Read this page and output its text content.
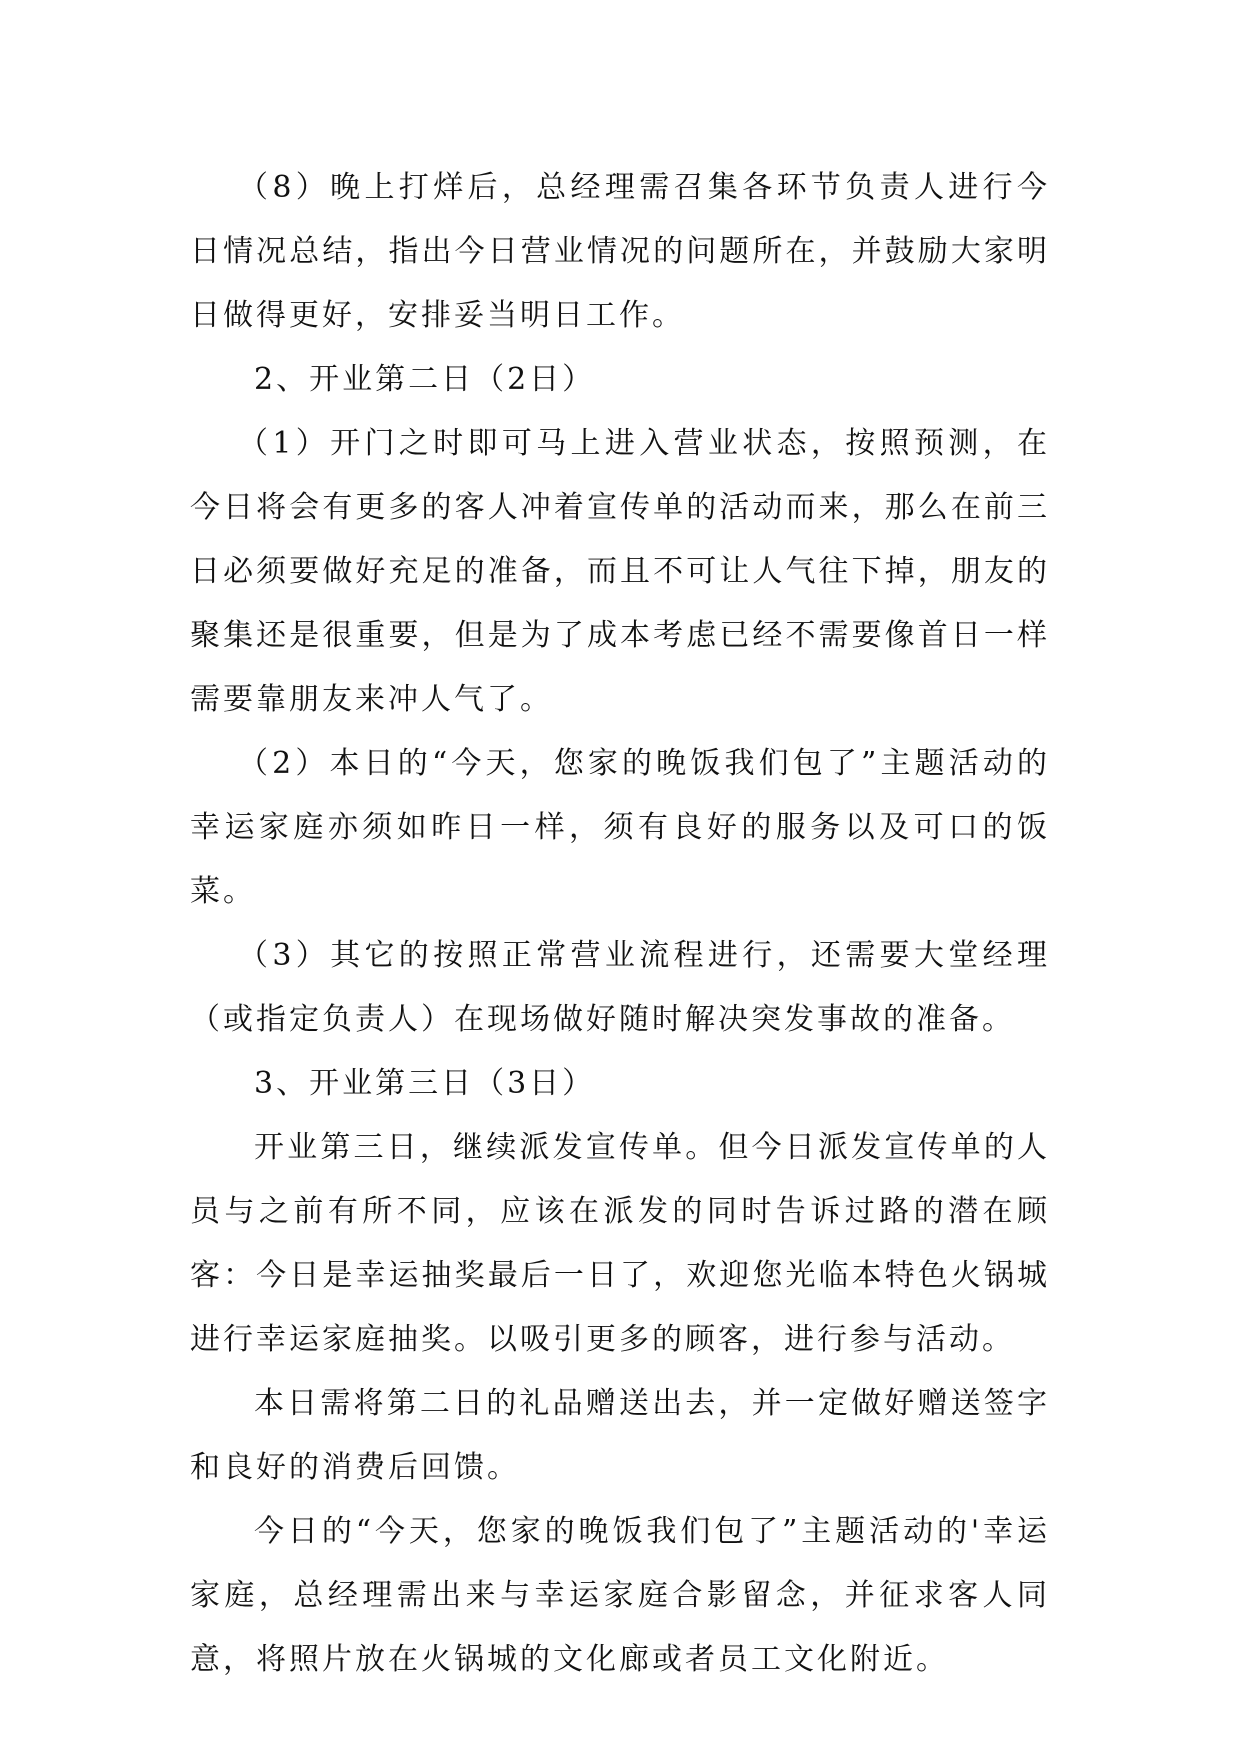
（8）晚上打烊后，总经理需召集各环节负责人进行今日情况总结，指出今日营业情况的问题所在，并鼓励大家明日做得更好，安排妥当明日工作。

2、开业第二日（2日）

（1）开门之时即可马上进入营业状态，按照预测，在今日将会有更多的客人冲着宣传单的活动而来，那么在前三日必须要做好充足的准备，而且不可让人气往下掉，朋友的聚集还是很重要，但是为了成本考虑已经不需要像首日一样需要靠朋友来冲人气了。

（2）本日的“今天，您家的晚饭我们包了”主题活动的幸运家庭亦须如昨日一样，须有良好的服务以及可口的饭菜。

（3）其它的按照正常营业流程进行，还需要大堂经理（或指定负责人）在现场做好随时解决突发事故的准备。

3、开业第三日（3日）

开业第三日，继续派发宣传单。但今日派发宣传单的人员与之前有所不同，应该在派发的同时告诉过路的潜在顾客：今日是幸运抽奖最后一日了，欢迎您光临本特色火锅城进行幸运家庭抽奖。以吸引更多的顾客，进行参与活动。

本日需将第二日的礼品赠送出去，并一定做好赠送签字和良好的消费后回馈。

今日的“今天，您家的晚饭我们包了”主题活动的'幸运家庭，总经理需出来与幸运家庭合影留念，并征求客人同意，将照片放在火锅城的文化廊或者员工文化附近。
